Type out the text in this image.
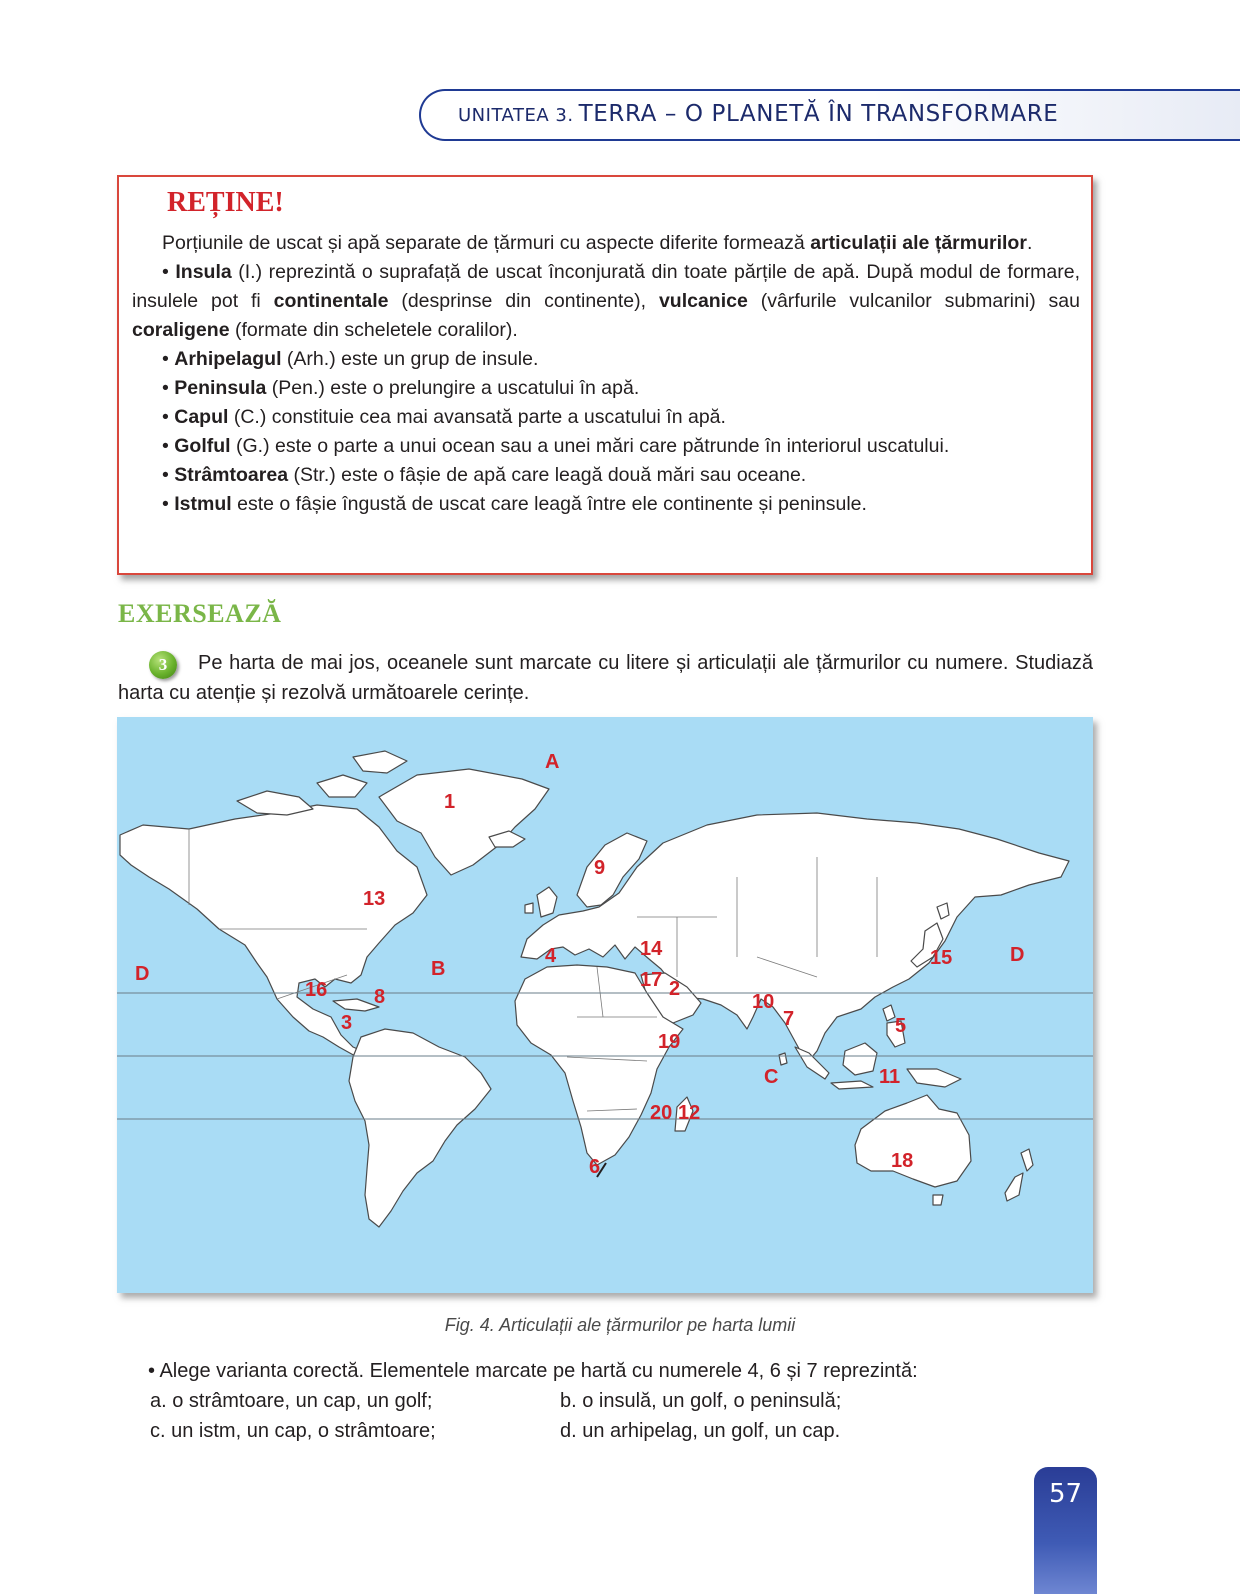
UNITATEA 3. TERRA – O PLANETĂ ÎN TRANSFORMARE
REȚINE!

Porțiunile de uscat și apă separate de țărmuri cu aspecte diferite formează articulații ale țărmurilor.

• Insula (I.) reprezintă o suprafață de uscat înconjurată din toate părțile de apă. După modul de formare, insulele pot fi continentale (desprinse din continente), vulcanice (vârfurile vulcanilor submarini) sau coraligene (formate din scheletele coralilor).

• Arhipelagul (Arh.) este un grup de insule.

• Peninsula (Pen.) este o prelungire a uscatului în apă.

• Capul (C.) constituie cea mai avansată parte a uscatului în apă.

• Golful (G.) este o parte a unui ocean sau a unei mări care pătrunde în interiorul uscatului.

• Strâmtoarea (Str.) este o fâșie de apă care leagă două mări sau oceane.

• Istmul este o fâșie îngustă de uscat care leagă între ele continente și peninsule.

EXERSEAZĂ
Pe harta de mai jos, oceanele sunt marcate cu litere și articulații ale țărmurilor cu numere. Studiază harta cu atenție și rezolvă următoarele cerințe.
3
A
B
C
D
D
1
9
13
4	14
17 2
15
16 8
3
10
7	5
19
11
20 12
6	18
Fig. 4. Articulații ale țărmurilor pe harta lumii
• Alege varianta corectă. Elementele marcate pe hartă cu numerele 4, 6 și 7 reprezintă:
a. o strâmtoare, un cap, un golf;	b. o insulă, un golf, o peninsulă;
c. un istm, un cap, o strâmtoare;	d. un arhipelag, un golf, un cap.
57
